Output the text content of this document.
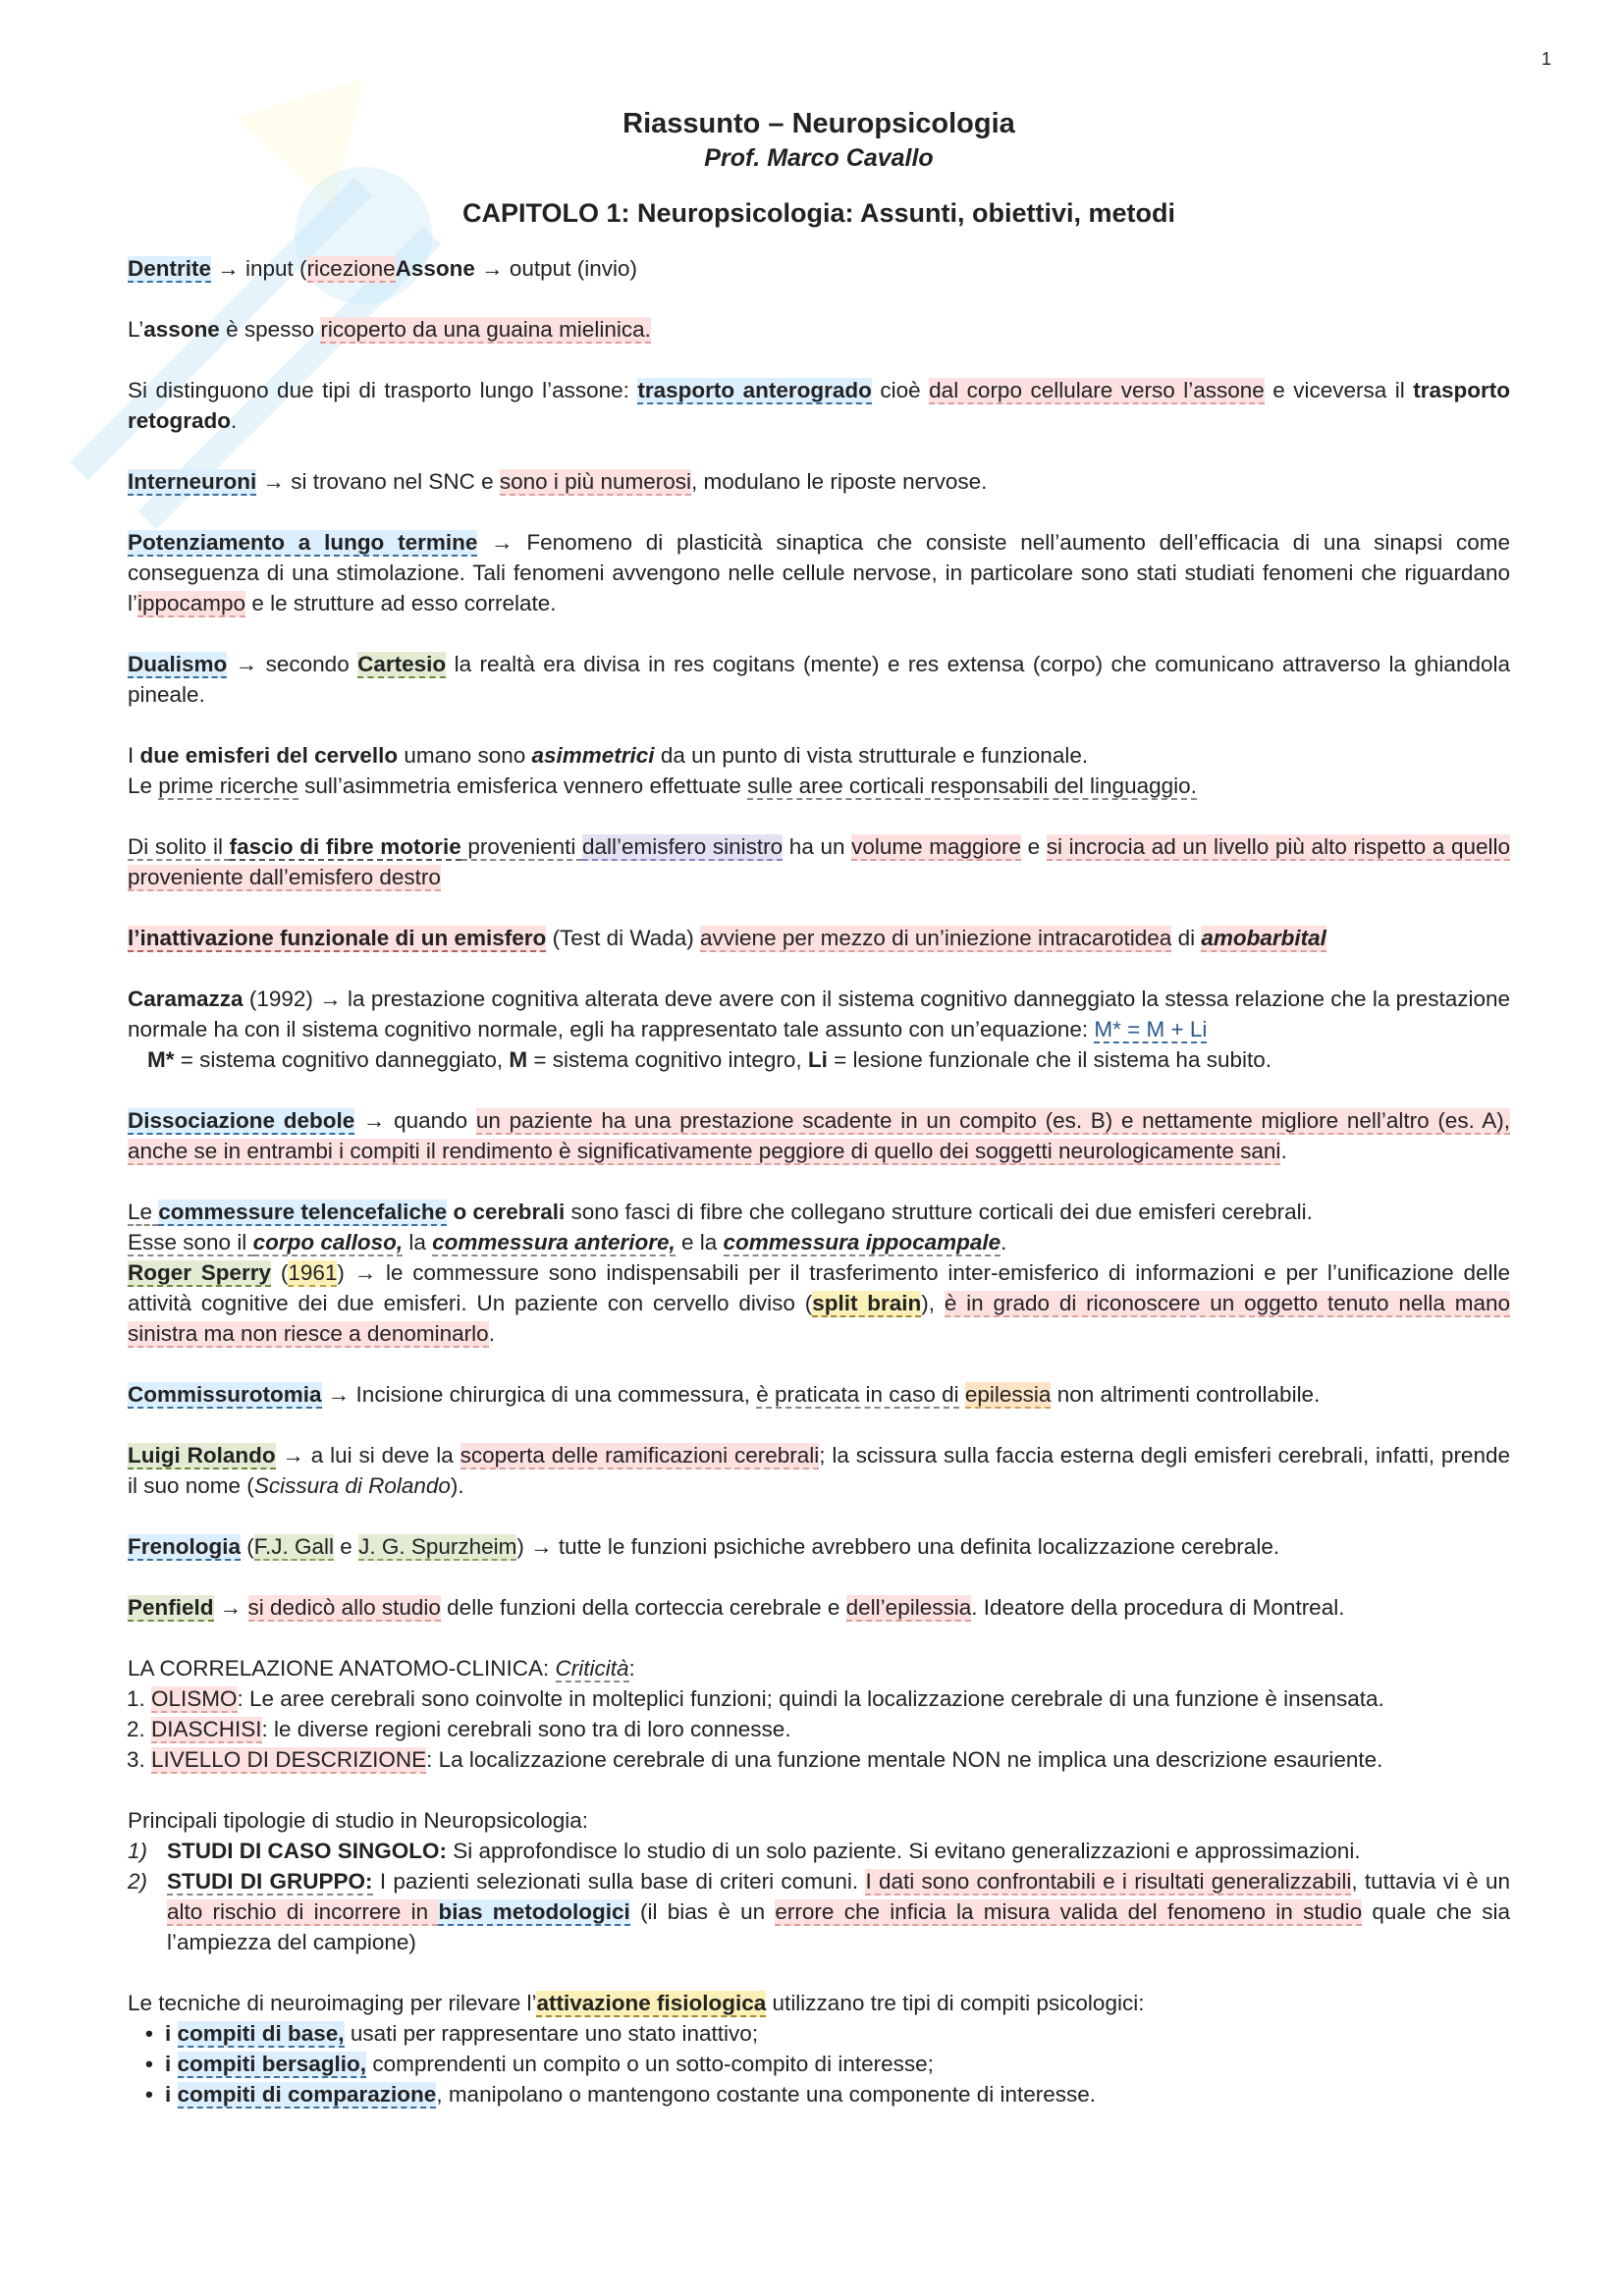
1
Riassunto – Neuropsicologia
Prof. Marco Cavallo
CAPITOLO 1: Neuropsicologia: Assunti, obiettivi, metodi

Dentrite → input (ricezioneAssone → output (invio)

L’assone è spesso ricoperto da una guaina mielinica.

Si distinguono due tipi di trasporto lungo l’assone: trasporto anterogrado cioè dal corpo cellulare verso l’assone e viceversa il trasporto retogrado.

Interneuroni → si trovano nel SNC e sono i più numerosi, modulano le riposte nervose.

Potenziamento a lungo termine → Fenomeno di plasticità sinaptica che consiste nell’aumento dell’efficacia di una sinapsi come conseguenza di una stimolazione. Tali fenomeni avvengono nelle cellule nervose, in particolare sono stati studiati fenomeni che riguardano l’ippocampo e le strutture ad esso correlate.

Dualismo → secondo Cartesio la realtà era divisa in res cogitans (mente) e res extensa (corpo) che comunicano attraverso la ghiandola pineale.

I due emisferi del cervello umano sono asimmetrici da un punto di vista strutturale e funzionale.
Le prime ricerche sull’asimmetria emisferica vennero effettuate sulle aree corticali responsabili del linguaggio.

Di solito il fascio di fibre motorie provenienti dall’emisfero sinistro ha un volume maggiore e si incrocia ad un livello più alto rispetto a quello proveniente dall’emisfero destro

l’inattivazione funzionale di un emisfero (Test di Wada) avviene per mezzo di un’iniezione intracarotidea di amobarbital

Caramazza (1992) → la prestazione cognitiva alterata deve avere con il sistema cognitivo danneggiato la stessa relazione che la prestazione normale ha con il sistema cognitivo normale, egli ha rappresentato tale assunto con un’equazione: M* = M + Li
M* = sistema cognitivo danneggiato, M = sistema cognitivo integro, Li = lesione funzionale che il sistema ha subito.

Dissociazione debole → quando un paziente ha una prestazione scadente in un compito (es. B) e nettamente migliore nell’altro (es. A), anche se in entrambi i compiti il rendimento è significativamente peggiore di quello dei soggetti neurologicamente sani.

Le commessure telencefaliche o cerebrali sono fasci di fibre che collegano strutture corticali dei due emisferi cerebrali.
Esse sono il corpo calloso, la commessura anteriore, e la commessura ippocampale.
Roger Sperry (1961) → le commessure sono indispensabili per il trasferimento inter-emisferico di informazioni e per l’unificazione delle attività cognitive dei due emisferi. Un paziente con cervello diviso (split brain), è in grado di riconoscere un oggetto tenuto nella mano sinistra ma non riesce a denominarlo.

Commissurotomia → Incisione chirurgica di una commessura, è praticata in caso di epilessia non altrimenti controllabile.

Luigi Rolando → a lui si deve la scoperta delle ramificazioni cerebrali; la scissura sulla faccia esterna degli emisferi cerebrali, infatti, prende il suo nome (Scissura di Rolando).

Frenologia (F.J. Gall e J. G. Spurzheim) → tutte le funzioni psichiche avrebbero una definita localizzazione cerebrale.

Penfield → si dedicò allo studio delle funzioni della corteccia cerebrale e dell’epilessia. Ideatore della procedura di Montreal.

LA CORRELAZIONE ANATOMO-CLINICA: Criticità:
1. OLISMO: Le aree cerebrali sono coinvolte in molteplici funzioni; quindi la localizzazione cerebrale di una funzione è insensata.
2. DIASCHISI: le diverse regioni cerebrali sono tra di loro connesse.
3. LIVELLO DI DESCRIZIONE: La localizzazione cerebrale di una funzione mentale NON ne implica una descrizione esauriente.
Principali tipologie di studio in Neuropsicologia:
1) STUDI DI CASO SINGOLO: Si approfondisce lo studio di un solo paziente. Si evitano generalizzazioni e approssimazioni.
2) STUDI DI GRUPPO: I pazienti selezionati sulla base di criteri comuni. I dati sono confrontabili e i risultati generalizzabili, tuttavia vi è un alto rischio di incorrere in bias metodologici (il bias è un errore che inficia la misura valida del fenomeno in studio quale che sia l’ampiezza del campione)
Le tecniche di neuroimaging per rilevare l’attivazione fisiologica utilizzano tre tipi di compiti psicologici:
• i compiti di base, usati per rappresentare uno stato inattivo;
• i compiti bersaglio, comprendenti un compito o un sotto-compito di interesse;
• i compiti di comparazione, manipolano o mantengono costante una componente di interesse.
